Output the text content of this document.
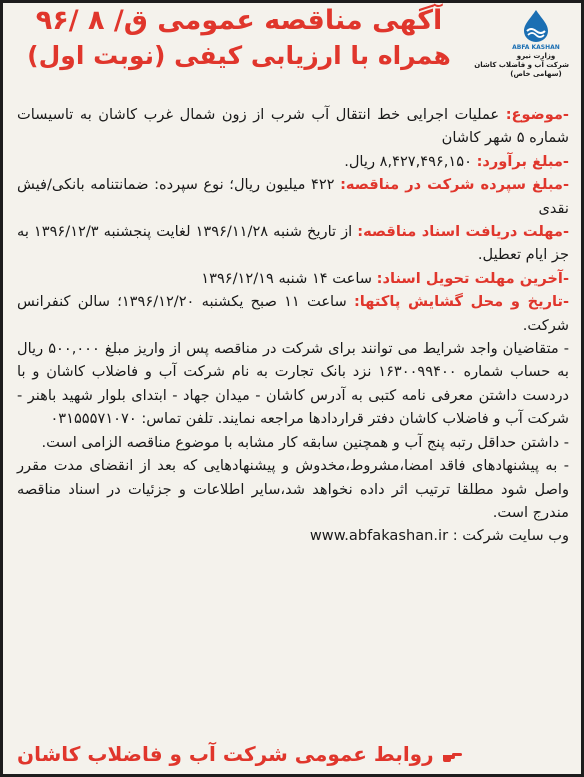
ABFA KASHAN
وزارت نیرو
شرکت آب و فاضلاب کاشان
(سهامی خاص)
آگهی مناقصه عمومی ق/ ۸ /۹۶
همراه با ارزیابی کیفی (نوبت اول)

-موضوع: عملیات اجرایی خط انتقال آب شرب از زون شمال غرب کاشان به تاسیسات شماره ۵ شهر کاشان

-مبلغ برآورد: ۸,۴۲۷,۴۹۶,۱۵۰ ریال.

-مبلغ سپرده شرکت در مناقصه: ۴۲۲ میلیون ریال؛ نوع سپرده: ضمانتنامه بانکی/فیش نقدی

-مهلت دریافت اسناد مناقصه: از تاریخ شنبه ۱۳۹۶/۱۱/۲۸ لغایت پنجشنبه ۱۳۹۶/۱۲/۳ به جز ایام تعطیل.

-آخرین مهلت تحویل اسناد: ساعت ۱۴ شنبه ۱۳۹۶/۱۲/۱۹

-تاریخ و محل گشایش پاکتها: ساعت ۱۱ صبح یکشنبه ۱۳۹۶/۱۲/۲۰؛ سالن کنفرانس شرکت.

- متقاضیان واجد شرایط می توانند برای شرکت در مناقصه پس از واریز مبلغ ۵۰۰,۰۰۰ ریال به حساب شماره ۱۶۳۰۰۹۹۴۰۰ نزد بانک تجارت به نام شرکت آب و فاضلاب کاشان و با دردست داشتن معرفی نامه کتبی به آدرس کاشان - میدان جهاد - ابتدای بلوار شهید باهنر - شرکت آب و فاضلاب کاشان دفتر قراردادها مراجعه نمایند. تلفن تماس: ۰۳۱۵۵۵۷۱۰۷۰

- داشتن حداقل رتبه پنج آب و همچنین سابقه کار مشابه با موضوع مناقصه الزامی است.

- به پیشنهادهای فاقد امضا،مشروط،مخدوش و پیشنهادهایی که بعد از انقضای مدت مقرر واصل شود مطلقا ترتیب اثر داده نخواهد شد،سایر اطلاعات و جزئیات در اسناد مناقصه مندرج است.

وب سایت شرکت : www.abfakashan.ir

روابط عمومی شرکت آب و فاضلاب کاشان
